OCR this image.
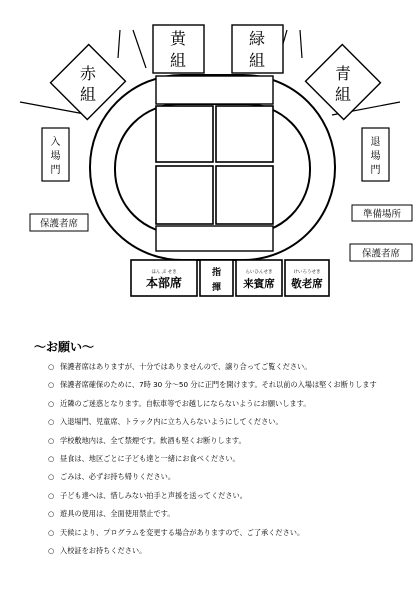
黄
組
緑
組
赤
組
青
組
入
場
門
退
場
門
保護者席
準備場所
保護者席
ほん ぶ せき
本部席
指
揮
らいひんせき
来賓席
けいろうせき
敬老席
〜お願い〜
○ 保護者席はありますが、十分ではありませんので、譲り合ってご覧ください。
○ 保護者席確保のために、7時 30 分〜50 分に正門を開けます。それ以前の入場は堅くお断りします
○ 近隣のご迷惑となります。自転車等でお越しにならないようにお願いします。
○ 入退場門、児童席、トラック内に立ち入らないようにしてください。
○ 学校敷地内は、全て禁煙です。飲酒も堅くお断りします。
○ 昼食は、地区ごとに子ども達と一緒にお食べください。
○ ごみは、必ずお持ち帰りください。
○ 子ども達へは、惜しみない拍手と声援を送ってください。
○ 遊具の使用は、全面使用禁止です。
○ 天候により、プログラムを変更する場合がありますので、ご了承ください。
○ 入校証をお持ちください。
